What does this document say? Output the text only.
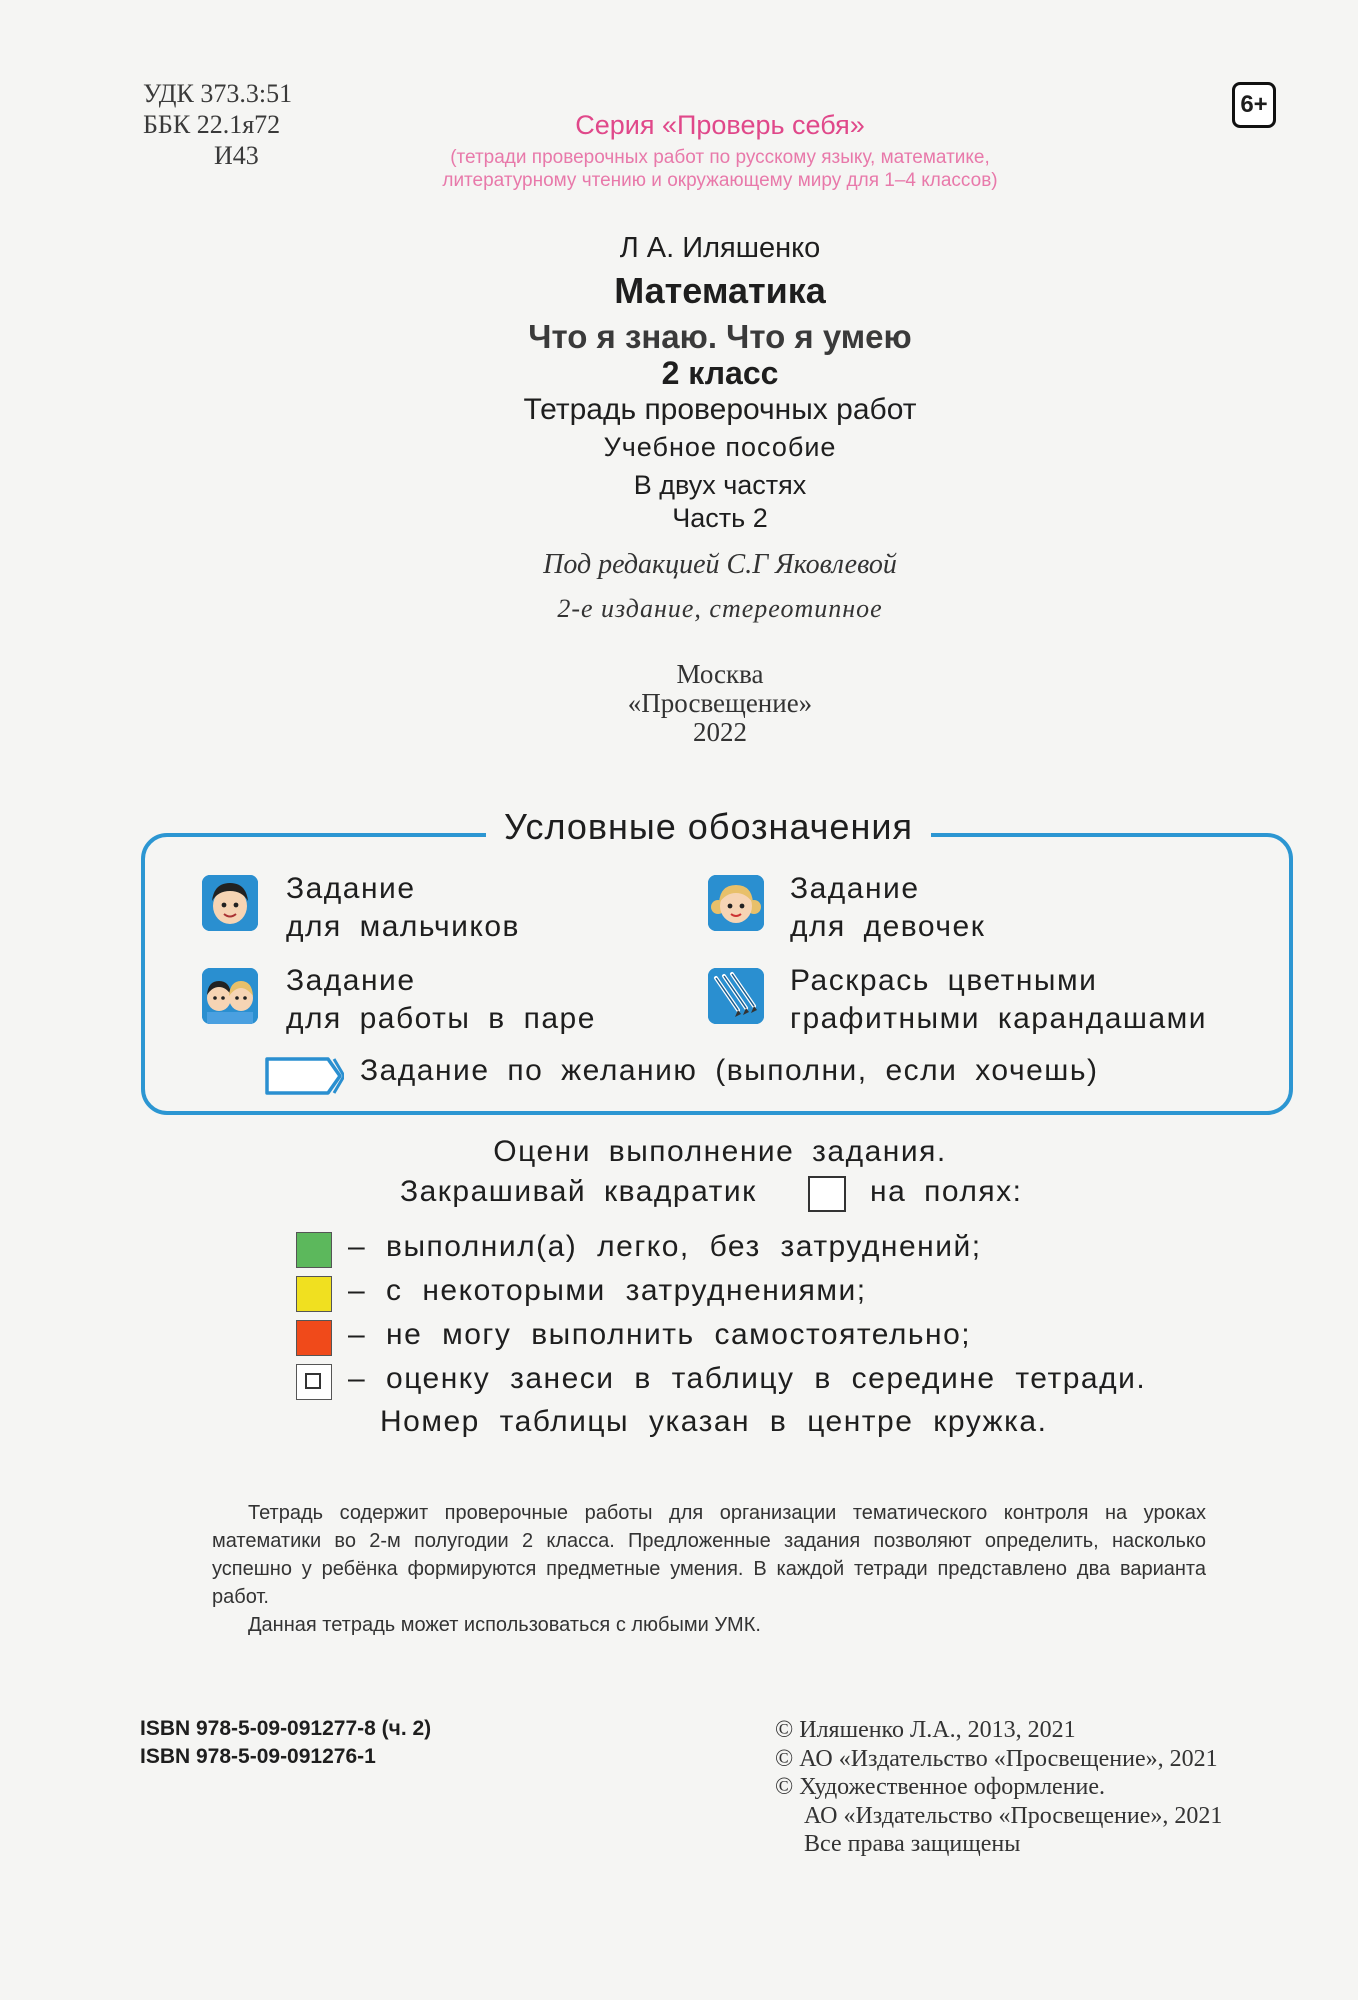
УДК 373.3:51
ББК 22.1я72
И43
6+
Серия «Проверь себя»
(тетради проверочных работ по русскому языку, математике,
литературному чтению и окружающему миру для 1–4 классов)
Л А. Иляшенко
Математика
Что я знаю. Что я умею
2 класс
Тетрадь проверочных работ
Учебное пособие
В двух частях
Часть 2
Под редакцией С.Г Яковлевой
2-е издание, стереотипное
Москва
«Просвещение»
2022
Условные обозначения
Задание
для мальчиков
Задание
для девочек
Задание
для работы в паре
Раскрась цветными
графитными карандашами
Задание по желанию (выполни, если хочешь)
Оцени выполнение задания.
Закрашивай квадратик	на полях:
– выполнил(а) легко, без затруднений;
– с некоторыми затруднениями;
– не могу выполнить самостоятельно;
– оценку занеси в таблицу в середине тетради.
Номер таблицы указан в центре кружка.

Тетрадь содержит проверочные работы для организации тематического контроля на уроках математики во 2-м полугодии 2 класса. Предложенные задания позволяют определить, насколько успешно у ребёнка формируются предметные умения. В каждой тетради представлено два варианта работ.

Данная тетрадь может использоваться с любыми УМК.

ISBN 978-5-09-091277-8 (ч. 2)
ISBN 978-5-09-091276-1
© Иляшенко Л.А., 2013, 2021
© АО «Издательство «Просвещение», 2021
© Художественное оформление.
АО «Издательство «Просвещение», 2021
Все права защищены
